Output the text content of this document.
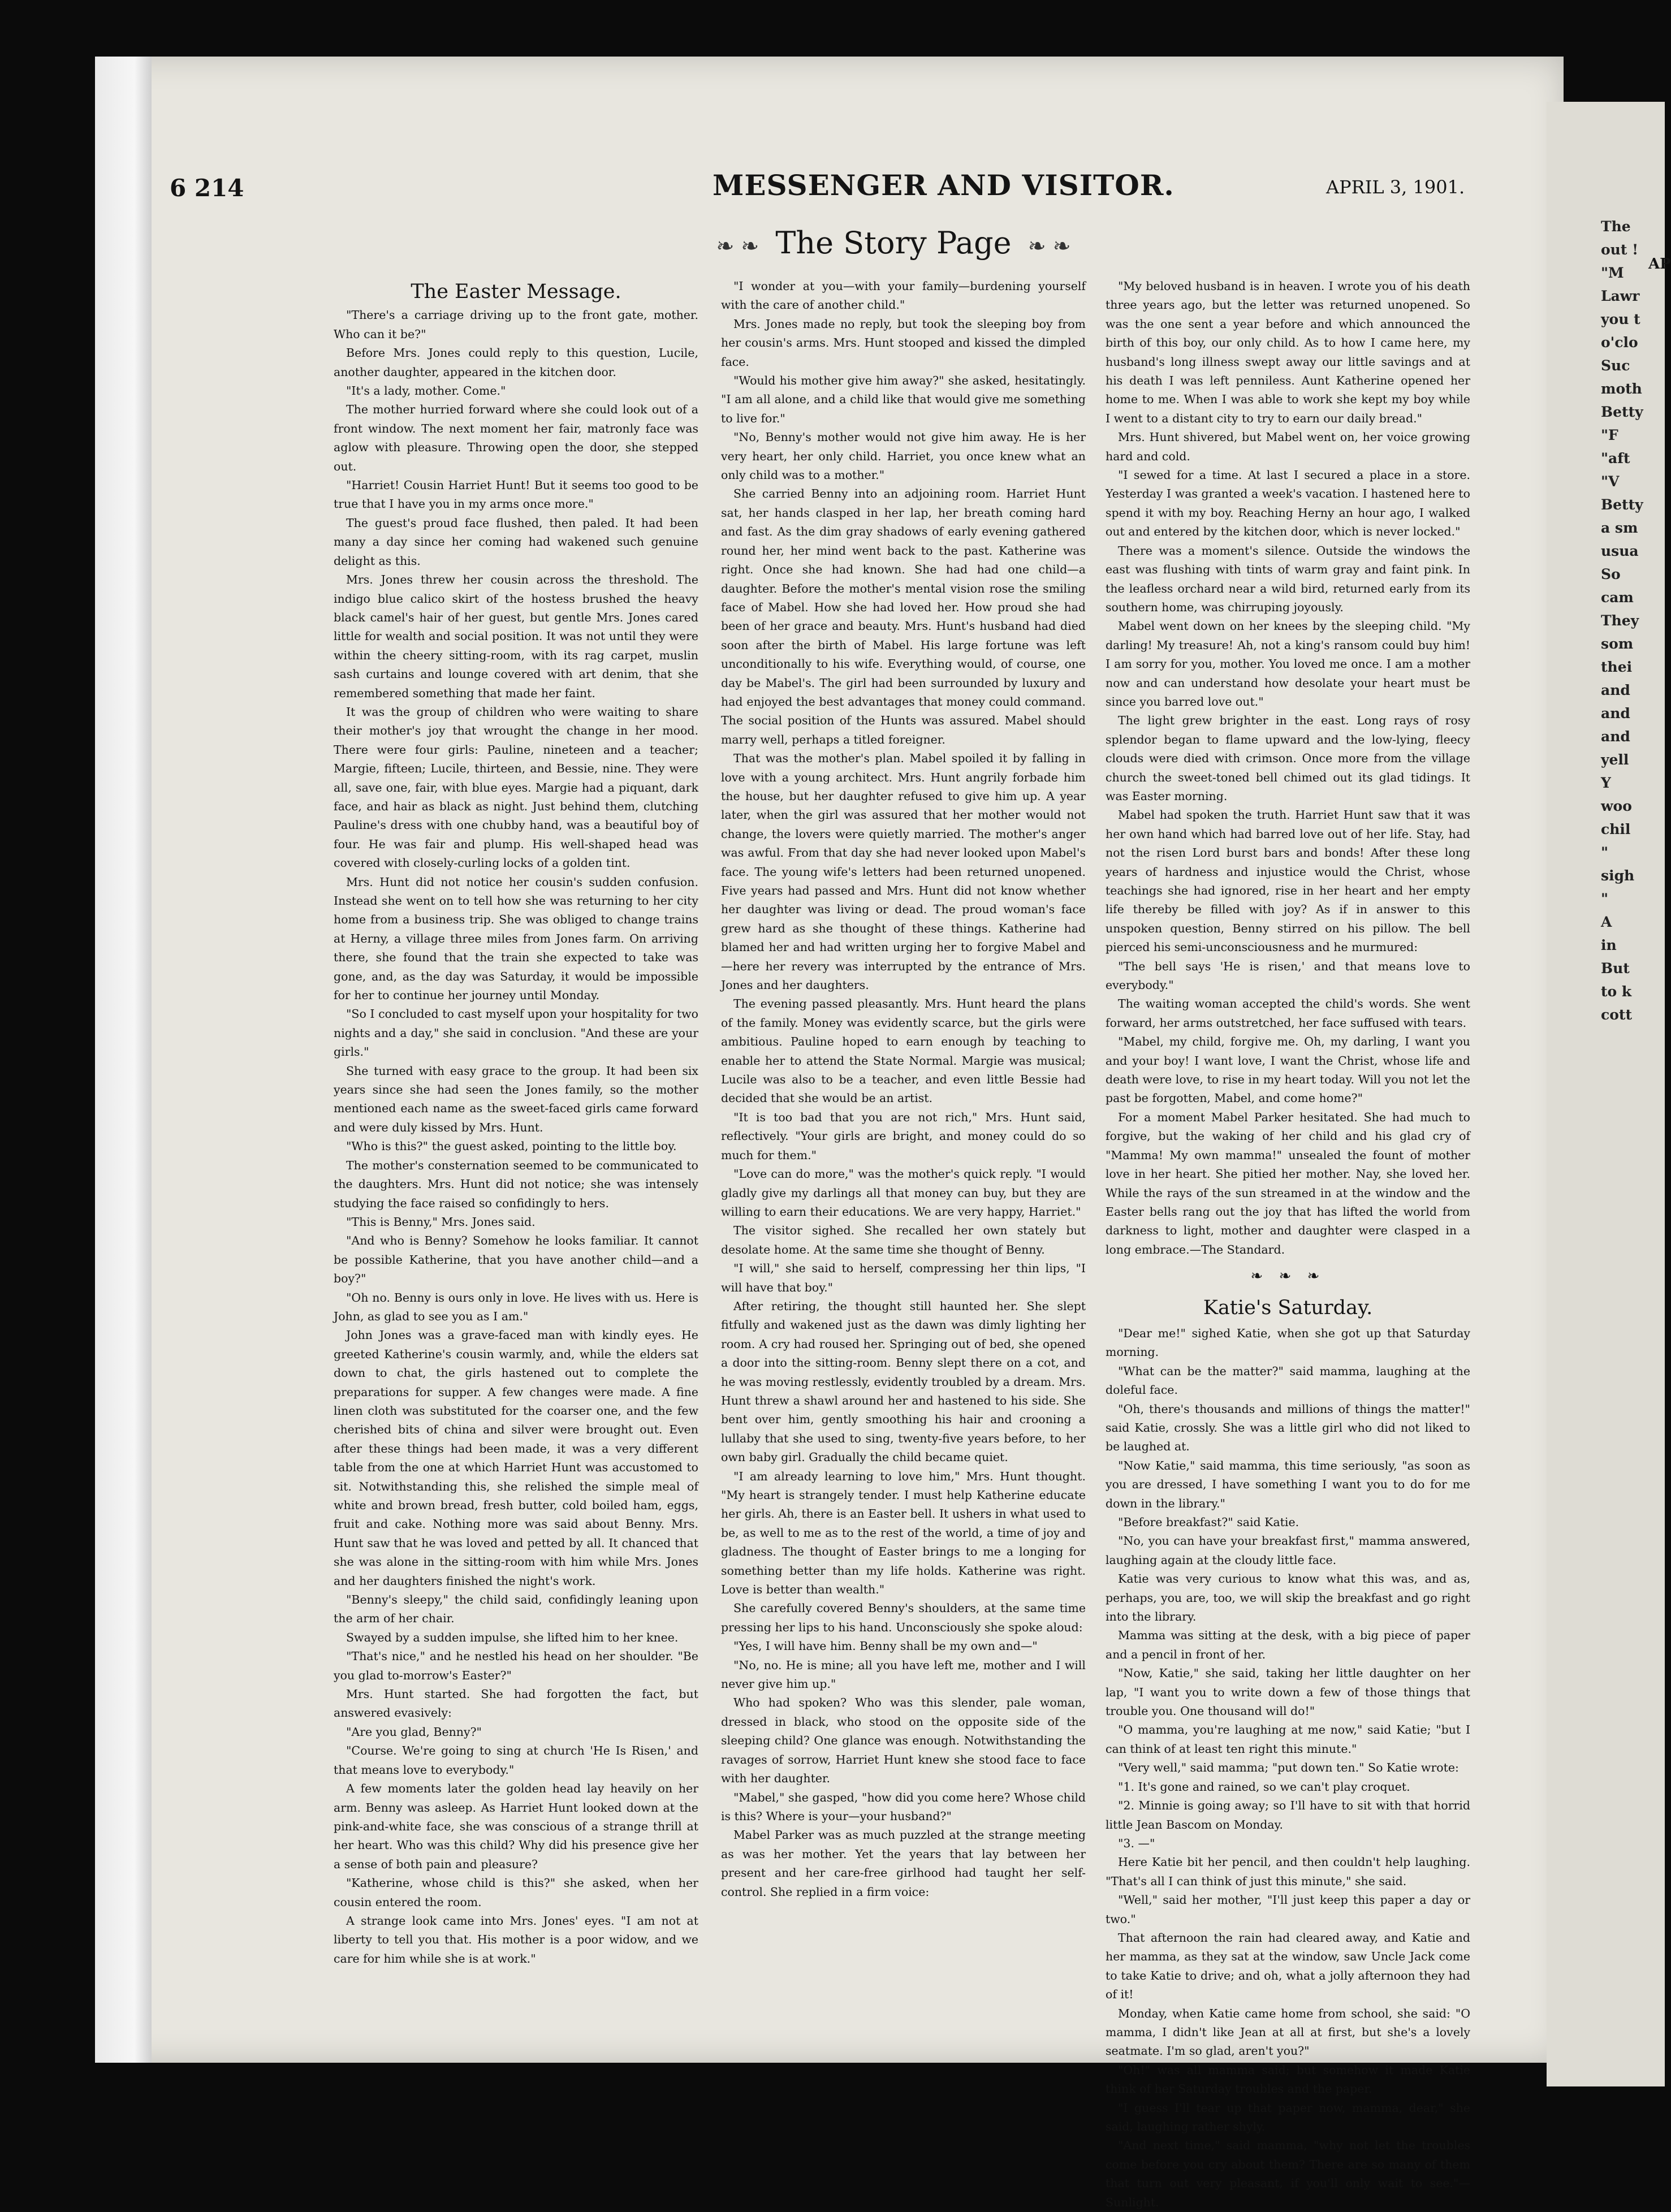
AP
The
out !
"M
Lawr
you t
o'clo
Suc
moth
Betty
"F
"aft
"V
Betty
a sm
usua
So
cam
They
som
thei
and
and
and
yell
Y
woo
chil
"
sigh
"
A
in
But
to k
cott
6 214	MESSENGER AND VISITOR.	APRIL 3, 1901.
❧ ❧ The Story Page ❧ ❧
The Easter Message.

"There's a carriage driving up to the front gate, mother. Who can it be?"

Before Mrs. Jones could reply to this question, Lucile, another daughter, appeared in the kitchen door.

"It's a lady, mother. Come."

The mother hurried forward where she could look out of a front window. The next moment her fair, matronly face was aglow with pleasure. Throwing open the door, she stepped out.

"Harriet! Cousin Harriet Hunt! But it seems too good to be true that I have you in my arms once more."

The guest's proud face flushed, then paled. It had been many a day since her coming had wakened such genuine delight as this.

Mrs. Jones threw her cousin across the threshold. The indigo blue calico skirt of the hostess brushed the heavy black camel's hair of her guest, but gentle Mrs. Jones cared little for wealth and social position. It was not until they were within the cheery sitting-room, with its rag carpet, muslin sash curtains and lounge covered with art denim, that she remembered something that made her faint.

It was the group of children who were waiting to share their mother's joy that wrought the change in her mood. There were four girls: Pauline, nineteen and a teacher; Margie, fifteen; Lucile, thirteen, and Bessie, nine. They were all, save one, fair, with blue eyes. Margie had a piquant, dark face, and hair as black as night. Just behind them, clutching Pauline's dress with one chubby hand, was a beautiful boy of four. He was fair and plump. His well-shaped head was covered with closely-curling locks of a golden tint.

Mrs. Hunt did not notice her cousin's sudden confusion. Instead she went on to tell how she was returning to her city home from a business trip. She was obliged to change trains at Herny, a village three miles from Jones farm. On arriving there, she found that the train she expected to take was gone, and, as the day was Saturday, it would be impossible for her to continue her journey until Monday.

"So I concluded to cast myself upon your hospitality for two nights and a day," she said in conclusion. "And these are your girls."

She turned with easy grace to the group. It had been six years since she had seen the Jones family, so the mother mentioned each name as the sweet-faced girls came forward and were duly kissed by Mrs. Hunt.

"Who is this?" the guest asked, pointing to the little boy.

The mother's consternation seemed to be communicated to the daughters. Mrs. Hunt did not notice; she was intensely studying the face raised so confidingly to hers.

"This is Benny," Mrs. Jones said.

"And who is Benny? Somehow he looks familiar. It cannot be possible Katherine, that you have another child—and a boy?"

"Oh no. Benny is ours only in love. He lives with us. Here is John, as glad to see you as I am."

John Jones was a grave-faced man with kindly eyes. He greeted Katherine's cousin warmly, and, while the elders sat down to chat, the girls hastened out to complete the preparations for supper. A few changes were made. A fine linen cloth was substituted for the coarser one, and the few cherished bits of china and silver were brought out. Even after these things had been made, it was a very different table from the one at which Harriet Hunt was accustomed to sit. Notwithstanding this, she relished the simple meal of white and brown bread, fresh butter, cold boiled ham, eggs, fruit and cake. Nothing more was said about Benny. Mrs. Hunt saw that he was loved and petted by all. It chanced that she was alone in the sitting-room with him while Mrs. Jones and her daughters finished the night's work.

"Benny's sleepy," the child said, confidingly leaning upon the arm of her chair.

Swayed by a sudden impulse, she lifted him to her knee.

"That's nice," and he nestled his head on her shoulder. "Be you glad to-morrow's Easter?"

Mrs. Hunt started. She had forgotten the fact, but answered evasively:

"Are you glad, Benny?"

"Course. We're going to sing at church 'He Is Risen,' and that means love to everybody."

A few moments later the golden head lay heavily on her arm. Benny was asleep. As Harriet Hunt looked down at the pink-and-white face, she was conscious of a strange thrill at her heart. Who was this child? Why did his presence give her a sense of both pain and pleasure?

"Katherine, whose child is this?" she asked, when her cousin entered the room.

A strange look came into Mrs. Jones' eyes. "I am not at liberty to tell you that. His mother is a poor widow, and we care for him while she is at work."

"I wonder at you—with your family—burdening yourself with the care of another child."

Mrs. Jones made no reply, but took the sleeping boy from her cousin's arms. Mrs. Hunt stooped and kissed the dimpled face.

"Would his mother give him away?" she asked, hesitatingly. "I am all alone, and a child like that would give me something to live for."

"No, Benny's mother would not give him away. He is her very heart, her only child. Harriet, you once knew what an only child was to a mother."

She carried Benny into an adjoining room. Harriet Hunt sat, her hands clasped in her lap, her breath coming hard and fast. As the dim gray shadows of early evening gathered round her, her mind went back to the past. Katherine was right. Once she had known. She had had one child—a daughter. Before the mother's mental vision rose the smiling face of Mabel. How she had loved her. How proud she had been of her grace and beauty. Mrs. Hunt's husband had died soon after the birth of Mabel. His large fortune was left unconditionally to his wife. Everything would, of course, one day be Mabel's. The girl had been surrounded by luxury and had enjoyed the best advantages that money could command. The social position of the Hunts was assured. Mabel should marry well, perhaps a titled foreigner.

That was the mother's plan. Mabel spoiled it by falling in love with a young architect. Mrs. Hunt angrily forbade him the house, but her daughter refused to give him up. A year later, when the girl was assured that her mother would not change, the lovers were quietly married. The mother's anger was awful. From that day she had never looked upon Mabel's face. The young wife's letters had been returned unopened. Five years had passed and Mrs. Hunt did not know whether her daughter was living or dead. The proud woman's face grew hard as she thought of these things. Katherine had blamed her and had written urging her to forgive Mabel and—here her revery was interrupted by the entrance of Mrs. Jones and her daughters.

The evening passed pleasantly. Mrs. Hunt heard the plans of the family. Money was evidently scarce, but the girls were ambitious. Pauline hoped to earn enough by teaching to enable her to attend the State Normal. Margie was musical; Lucile was also to be a teacher, and even little Bessie had decided that she would be an artist.

"It is too bad that you are not rich," Mrs. Hunt said, reflectively. "Your girls are bright, and money could do so much for them."

"Love can do more," was the mother's quick reply. "I would gladly give my darlings all that money can buy, but they are willing to earn their educations. We are very happy, Harriet."

The visitor sighed. She recalled her own stately but desolate home. At the same time she thought of Benny.

"I will," she said to herself, compressing her thin lips, "I will have that boy."

After retiring, the thought still haunted her. She slept fitfully and wakened just as the dawn was dimly lighting her room. A cry had roused her. Springing out of bed, she opened a door into the sitting-room. Benny slept there on a cot, and he was moving restlessly, evidently troubled by a dream. Mrs. Hunt threw a shawl around her and hastened to his side. She bent over him, gently smoothing his hair and crooning a lullaby that she used to sing, twenty-five years before, to her own baby girl. Gradually the child became quiet.

"I am already learning to love him," Mrs. Hunt thought. "My heart is strangely tender. I must help Katherine educate her girls. Ah, there is an Easter bell. It ushers in what used to be, as well to me as to the rest of the world, a time of joy and gladness. The thought of Easter brings to me a longing for something better than my life holds. Katherine was right. Love is better than wealth."

She carefully covered Benny's shoulders, at the same time pressing her lips to his hand. Unconsciously she spoke aloud:

"Yes, I will have him. Benny shall be my own and—"

"No, no. He is mine; all you have left me, mother and I will never give him up."

Who had spoken? Who was this slender, pale woman, dressed in black, who stood on the opposite side of the sleeping child? One glance was enough. Notwithstanding the ravages of sorrow, Harriet Hunt knew she stood face to face with her daughter.

"Mabel," she gasped, "how did you come here? Whose child is this? Where is your—your husband?"

Mabel Parker was as much puzzled at the strange meeting as was her mother. Yet the years that lay between her present and her care-free girlhood had taught her self-control. She replied in a firm voice:

"My beloved husband is in heaven. I wrote you of his death three years ago, but the letter was returned unopened. So was the one sent a year before and which announced the birth of this boy, our only child. As to how I came here, my husband's long illness swept away our little savings and at his death I was left penniless. Aunt Katherine opened her home to me. When I was able to work she kept my boy while I went to a distant city to try to earn our daily bread."

Mrs. Hunt shivered, but Mabel went on, her voice growing hard and cold.

"I sewed for a time. At last I secured a place in a store. Yesterday I was granted a week's vacation. I hastened here to spend it with my boy. Reaching Herny an hour ago, I walked out and entered by the kitchen door, which is never locked."

There was a moment's silence. Outside the windows the east was flushing with tints of warm gray and faint pink. In the leafless orchard near a wild bird, returned early from its southern home, was chirruping joyously.

Mabel went down on her knees by the sleeping child. "My darling! My treasure! Ah, not a king's ransom could buy him! I am sorry for you, mother. You loved me once. I am a mother now and can understand how desolate your heart must be since you barred love out."

The light grew brighter in the east. Long rays of rosy splendor began to flame upward and the low-lying, fleecy clouds were died with crimson. Once more from the village church the sweet-toned bell chimed out its glad tidings. It was Easter morning.

Mabel had spoken the truth. Harriet Hunt saw that it was her own hand which had barred love out of her life. Stay, had not the risen Lord burst bars and bonds! After these long years of hardness and injustice would the Christ, whose teachings she had ignored, rise in her heart and her empty life thereby be filled with joy? As if in answer to this unspoken question, Benny stirred on his pillow. The bell pierced his semi-unconsciousness and he murmured:

"The bell says 'He is risen,' and that means love to everybody."

The waiting woman accepted the child's words. She went forward, her arms outstretched, her face suffused with tears.

"Mabel, my child, forgive me. Oh, my darling, I want you and your boy! I want love, I want the Christ, whose life and death were love, to rise in my heart today. Will you not let the past be forgotten, Mabel, and come home?"

For a moment Mabel Parker hesitated. She had much to forgive, but the waking of her child and his glad cry of "Mamma! My own mamma!" unsealed the fount of mother love in her heart. She pitied her mother. Nay, she loved her. While the rays of the sun streamed in at the window and the Easter bells rang out the joy that has lifted the world from darkness to light, mother and daughter were clasped in a long embrace.—The Standard.

❧ ❧ ❧
Katie's Saturday.

"Dear me!" sighed Katie, when she got up that Saturday morning.

"What can be the matter?" said mamma, laughing at the doleful face.

"Oh, there's thousands and millions of things the matter!" said Katie, crossly. She was a little girl who did not liked to be laughed at.

"Now Katie," said mamma, this time seriously, "as soon as you are dressed, I have something I want you to do for me down in the library."

"Before breakfast?" said Katie.

"No, you can have your breakfast first," mamma answered, laughing again at the cloudy little face.

Katie was very curious to know what this was, and as, perhaps, you are, too, we will skip the breakfast and go right into the library.

Mamma was sitting at the desk, with a big piece of paper and a pencil in front of her.

"Now, Katie," she said, taking her little daughter on her lap, "I want you to write down a few of those things that trouble you. One thousand will do!"

"O mamma, you're laughing at me now," said Katie; "but I can think of at least ten right this minute."

"Very well," said mamma; "put down ten." So Katie wrote:

"1. It's gone and rained, so we can't play croquet.

"2. Minnie is going away; so I'll have to sit with that horrid little Jean Bascom on Monday.

"3. —"

Here Katie bit her pencil, and then couldn't help laughing. "That's all I can think of just this minute," she said.

"Well," said her mother, "I'll just keep this paper a day or two."

That afternoon the rain had cleared away, and Katie and her mamma, as they sat at the window, saw Uncle Jack come to take Katie to drive; and oh, what a jolly afternoon they had of it!

Monday, when Katie came home from school, she said: "O mamma, I didn't like Jean at all at first, but she's a lovely seatmate. I'm so glad, aren't you?"

"Oh!" was all mamma said; but somehow it made Katie think of her Saturday troubles and the paper.

"I guess I'll tear up that paper now, mamma, dear," she said, laughing rather shyly.

"And next time," said mamma, "why not let the troubles come before you cry about them? There are so many of them that turn out very pleasant, if you'll only wait to see."—Sunlight.
